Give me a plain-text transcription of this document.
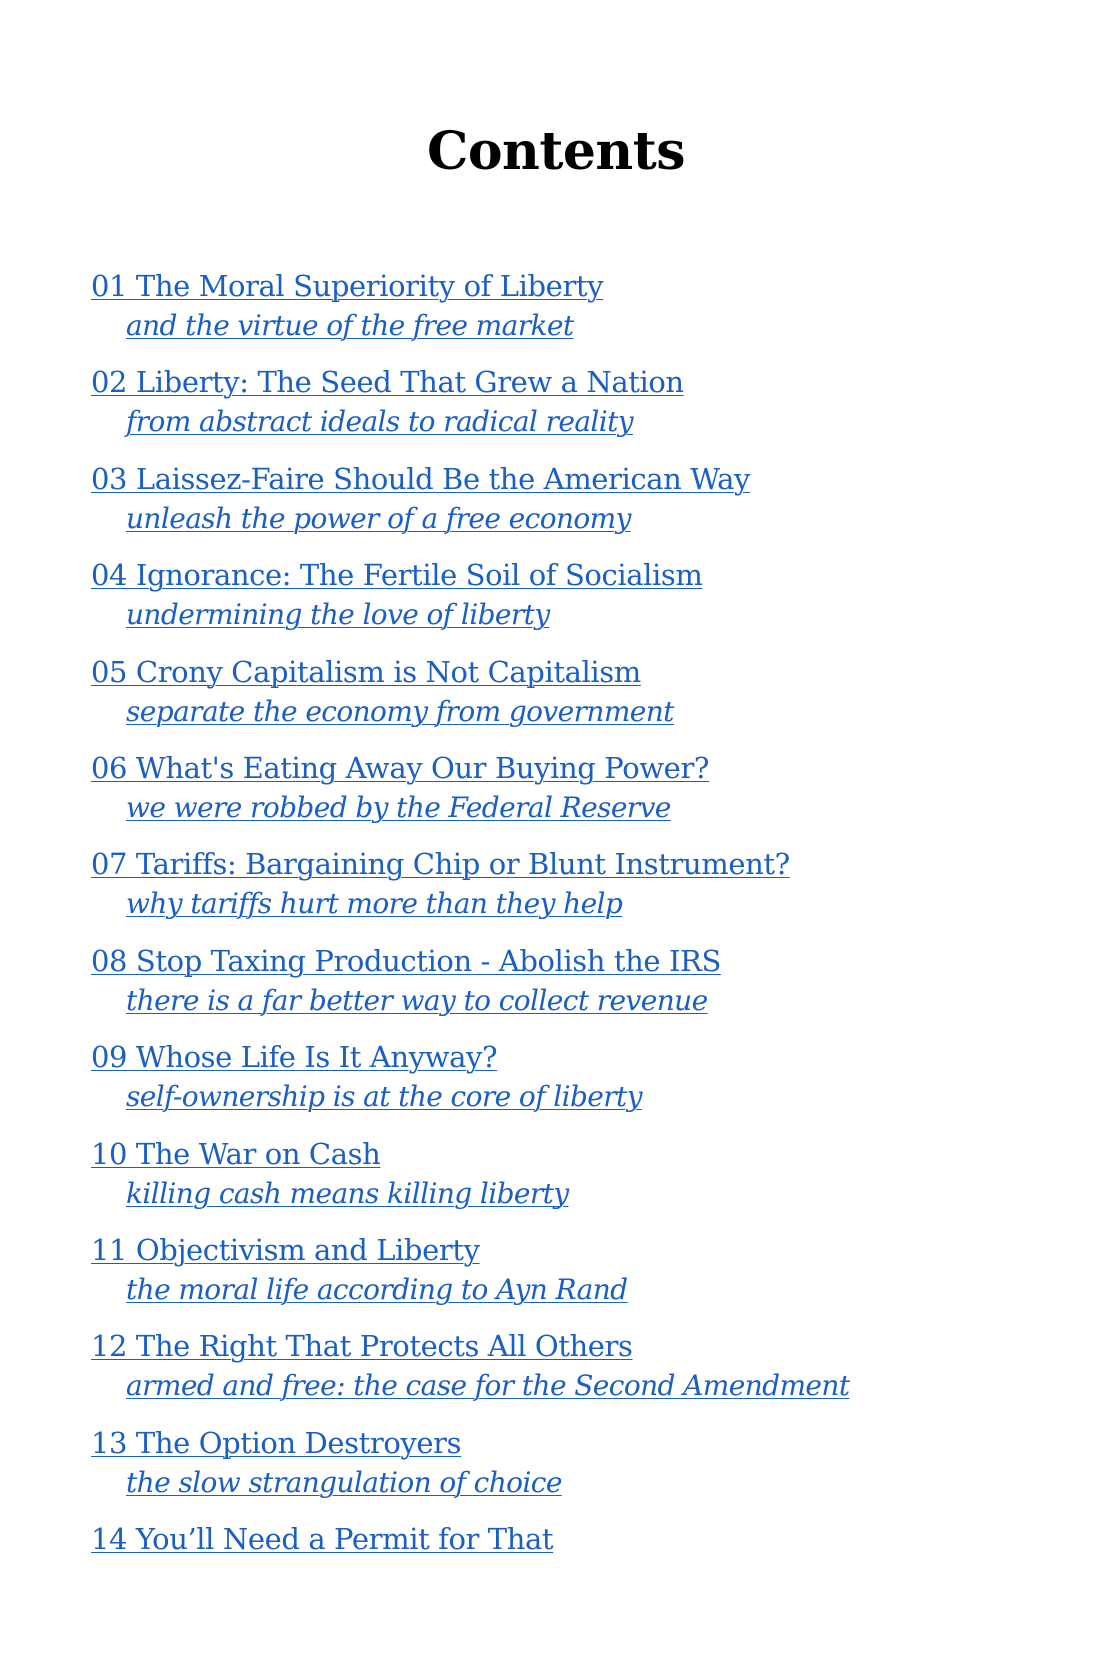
Contents
01 The Moral Superiority of Liberty
and the virtue of the free market
02 Liberty: The Seed That Grew a Nation
from abstract ideals to radical reality
03 Laissez-Faire Should Be the American Way
unleash the power of a free economy
04 Ignorance: The Fertile Soil of Socialism
undermining the love of liberty
05 Crony Capitalism is Not Capitalism
separate the economy from government
06 What's Eating Away Our Buying Power?
we were robbed by the Federal Reserve
07 Tariffs: Bargaining Chip or Blunt Instrument?
why tariffs hurt more than they help
08 Stop Taxing Production - Abolish the IRS
there is a far better way to collect revenue
09 Whose Life Is It Anyway?
self-ownership is at the core of liberty
10 The War on Cash
killing cash means killing liberty
11 Objectivism and Liberty
the moral life according to Ayn Rand
12 The Right That Protects All Others
armed and free: the case for the Second Amendment
13 The Option Destroyers
the slow strangulation of choice
14 You’ll Need a Permit for That
